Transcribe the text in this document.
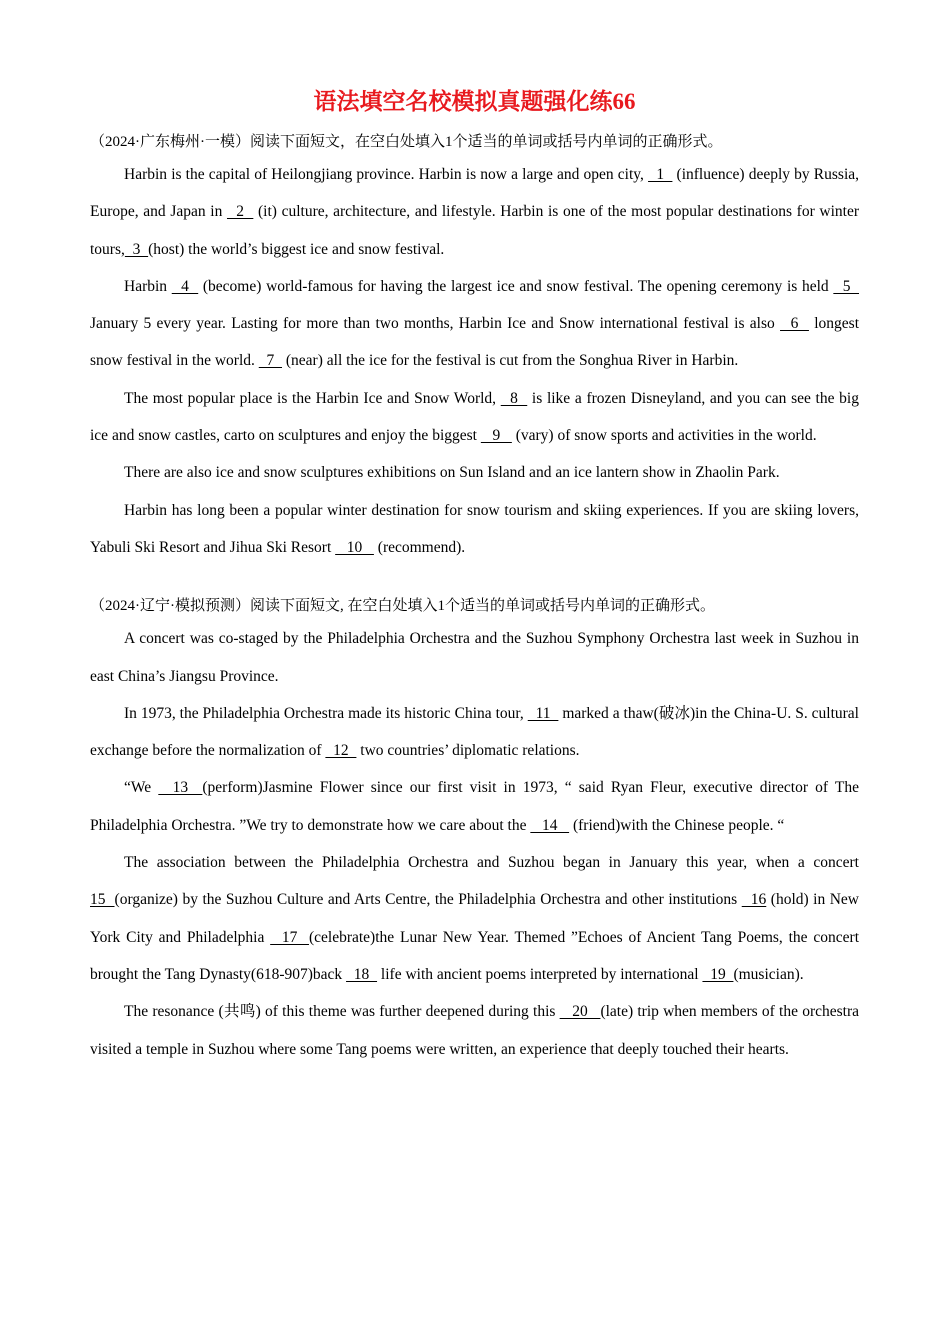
语法填空名校模拟真题强化练66
（2024·广东梅州·一模）阅读下面短文，在空白处填入1个适当的单词或括号内单词的正确形式。

Harbin is the capital of Heilongjiang province. Harbin is now a large and open city,   1   (influence) deeply by Russia, Europe, and Japan in   2   (it) culture, architecture, and lifestyle. Harbin is one of the most popular destinations for winter tours,  3  (host) the world’s biggest ice and snow festival.

Harbin   4   (become) world-famous for having the largest ice and snow festival. The opening ceremony is held   5   January 5 every year. Lasting for more than two months, Harbin Ice and Snow international festival is also   6   longest snow festival in the world.   7   (near) all the ice for the festival is cut from the Songhua River in Harbin.

The most popular place is the Harbin Ice and Snow World,   8   is like a frozen Disneyland, and you can see the big ice and snow castles, carto on sculptures and enjoy the biggest    9    (vary) of snow sports and activities in the world.

There are also ice and snow sculptures exhibitions on Sun Island and an ice lantern show in Zhaolin Park.

Harbin has long been a popular winter destination for snow tourism and skiing experiences. If you are skiing lovers, Yabuli Ski Resort and Jihua Ski Resort    10    (recommend).

（2024·辽宁·模拟预测）阅读下面短文, 在空白处填入1个适当的单词或括号内单词的正确形式。

A concert was co-staged by the Philadelphia Orchestra and the Suzhou Symphony Orchestra last week in Suzhou in east China’s Jiangsu Province.

In 1973, the Philadelphia Orchestra made its historic China tour,   11   marked a thaw(破冰)in the China-U. S. cultural exchange before the normalization of   12   two countries’ diplomatic relations.

“We   13  (perform)Jasmine Flower since our first visit in 1973, “ said Ryan Fleur, executive director of The Philadelphia Orchestra. ”We try to demonstrate how we care about the    14    (friend)with the Chinese people. “

The association between the Philadelphia Orchestra and Suzhou began in January this year, when a concert 15  (organize) by the Suzhou Culture and Arts Centre, the Philadelphia Orchestra and other institutions   16 (hold) in New York City and Philadelphia   17  (celebrate)the Lunar New Year. Themed ”Echoes of Ancient Tang Poems, the concert brought the Tang Dynasty(618-907)back   18   life with ancient poems interpreted by international   19  (musician).

The resonance (共鸣) of this theme was further deepened during this    20   (late) trip when members of the orchestra visited a temple in Suzhou where some Tang poems were written, an experience that deeply touched their hearts.
